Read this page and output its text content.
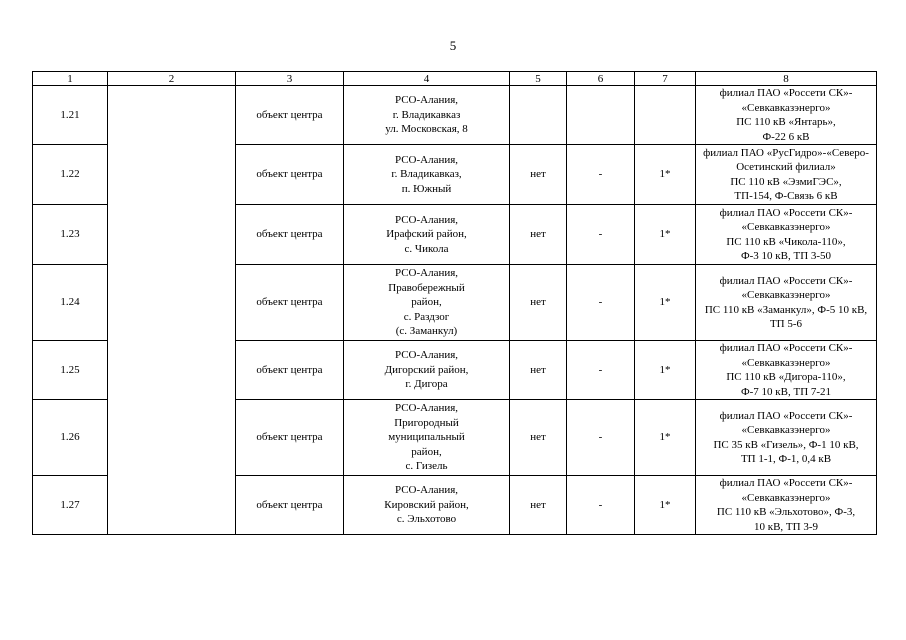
5
1	2	3	4	5	6	7	8
1.21		объект центра	РСО-Алания,
г. Владикавказ
ул. Московская, 8				филиал ПАО «Россети СК»-
«Севкавказэнерго»
ПС 110 кВ «Янтарь»,
Ф-22 6 кВ

1.22		объект центра	РСО-Алания,
г. Владикавказ,
п. Южный	нет	-	1*	филиал ПАО «РусГидро»-«Северо-
Осетинский филиал»
ПС 110 кВ «ЭзмиГЭС»,
ТП-154, Ф-Связь 6 кВ

1.23		объект центра	РСО-Алания,
Ирафский район,
с. Чикола	нет	-	1*	филиал ПАО «Россети СК»-
«Севкавказэнерго»
ПС 110 кВ «Чикола-110»,
Ф-3 10 кВ, ТП 3-50

1.24		объект центра	РСО-Алания,
Правобережный
район,
с. Раздзог
(с. Заманкул)	нет	-	1*	филиал ПАО «Россети СК»-
«Севкавказэнерго»
ПС 110 кВ «Заманкул», Ф-5 10 кВ,
ТП 5-6

1.25		объект центра	РСО-Алания,
Дигорский район,
г. Дигора	нет	-	1*	филиал ПАО «Россети СК»-
«Севкавказэнерго»
ПС 110 кВ «Дигора-110»,
Ф-7 10 кВ, ТП 7-21

1.26		объект центра	РСО-Алания,
Пригородный
муниципальный
район,
с. Гизель	нет	-	1*	филиал ПАО «Россети СК»-
«Севкавказэнерго»
ПС 35 кВ «Гизель», Ф-1 10 кВ,
ТП 1-1, Ф-1, 0,4 кВ

1.27		объект центра	РСО-Алания,
Кировский район,
с. Эльхотово	нет	-	1*	филиал ПАО «Россети СК»-
«Севкавказэнерго»
ПС 110 кВ «Эльхотово», Ф-3,
10 кВ, ТП 3-9
